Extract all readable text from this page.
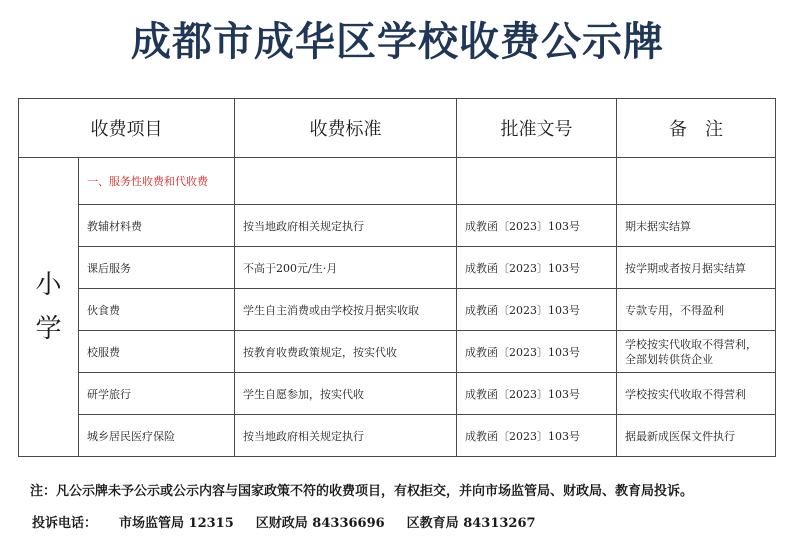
成都市成华区学校收费公示牌
收费项目		收费标准	批准文号	备　注

小
学	一、服务性收费和代收费			
	教辅材料费	按当地政府相关规定执行	成教函〔2023〕103号	期末据实结算
	课后服务	不高于200元/生·月	成教函〔2023〕103号	按学期或者按月据实结算
	伙食费	学生自主消费或由学校按月据实收取	成教函〔2023〕103号	专款专用，不得盈利
	校服费	按教育收费政策规定，按实代收	成教函〔2023〕103号	学校按实代收取不得营利，全部划转供货企业
	研学旅行	学生自愿参加，按实代收	成教函〔2023〕103号	学校按实代收取不得营利
	城乡居民医疗保险	按当地政府相关规定执行	成教函〔2023〕103号	据最新成医保文件执行
注：凡公示牌未予公示或公示内容与国家政策不符的收费项目，有权拒交，并向市场监管局、财政局、教育局投诉。
投诉电话： 市场监管局 12315 区财政局 84336696 区教育局 84313267
